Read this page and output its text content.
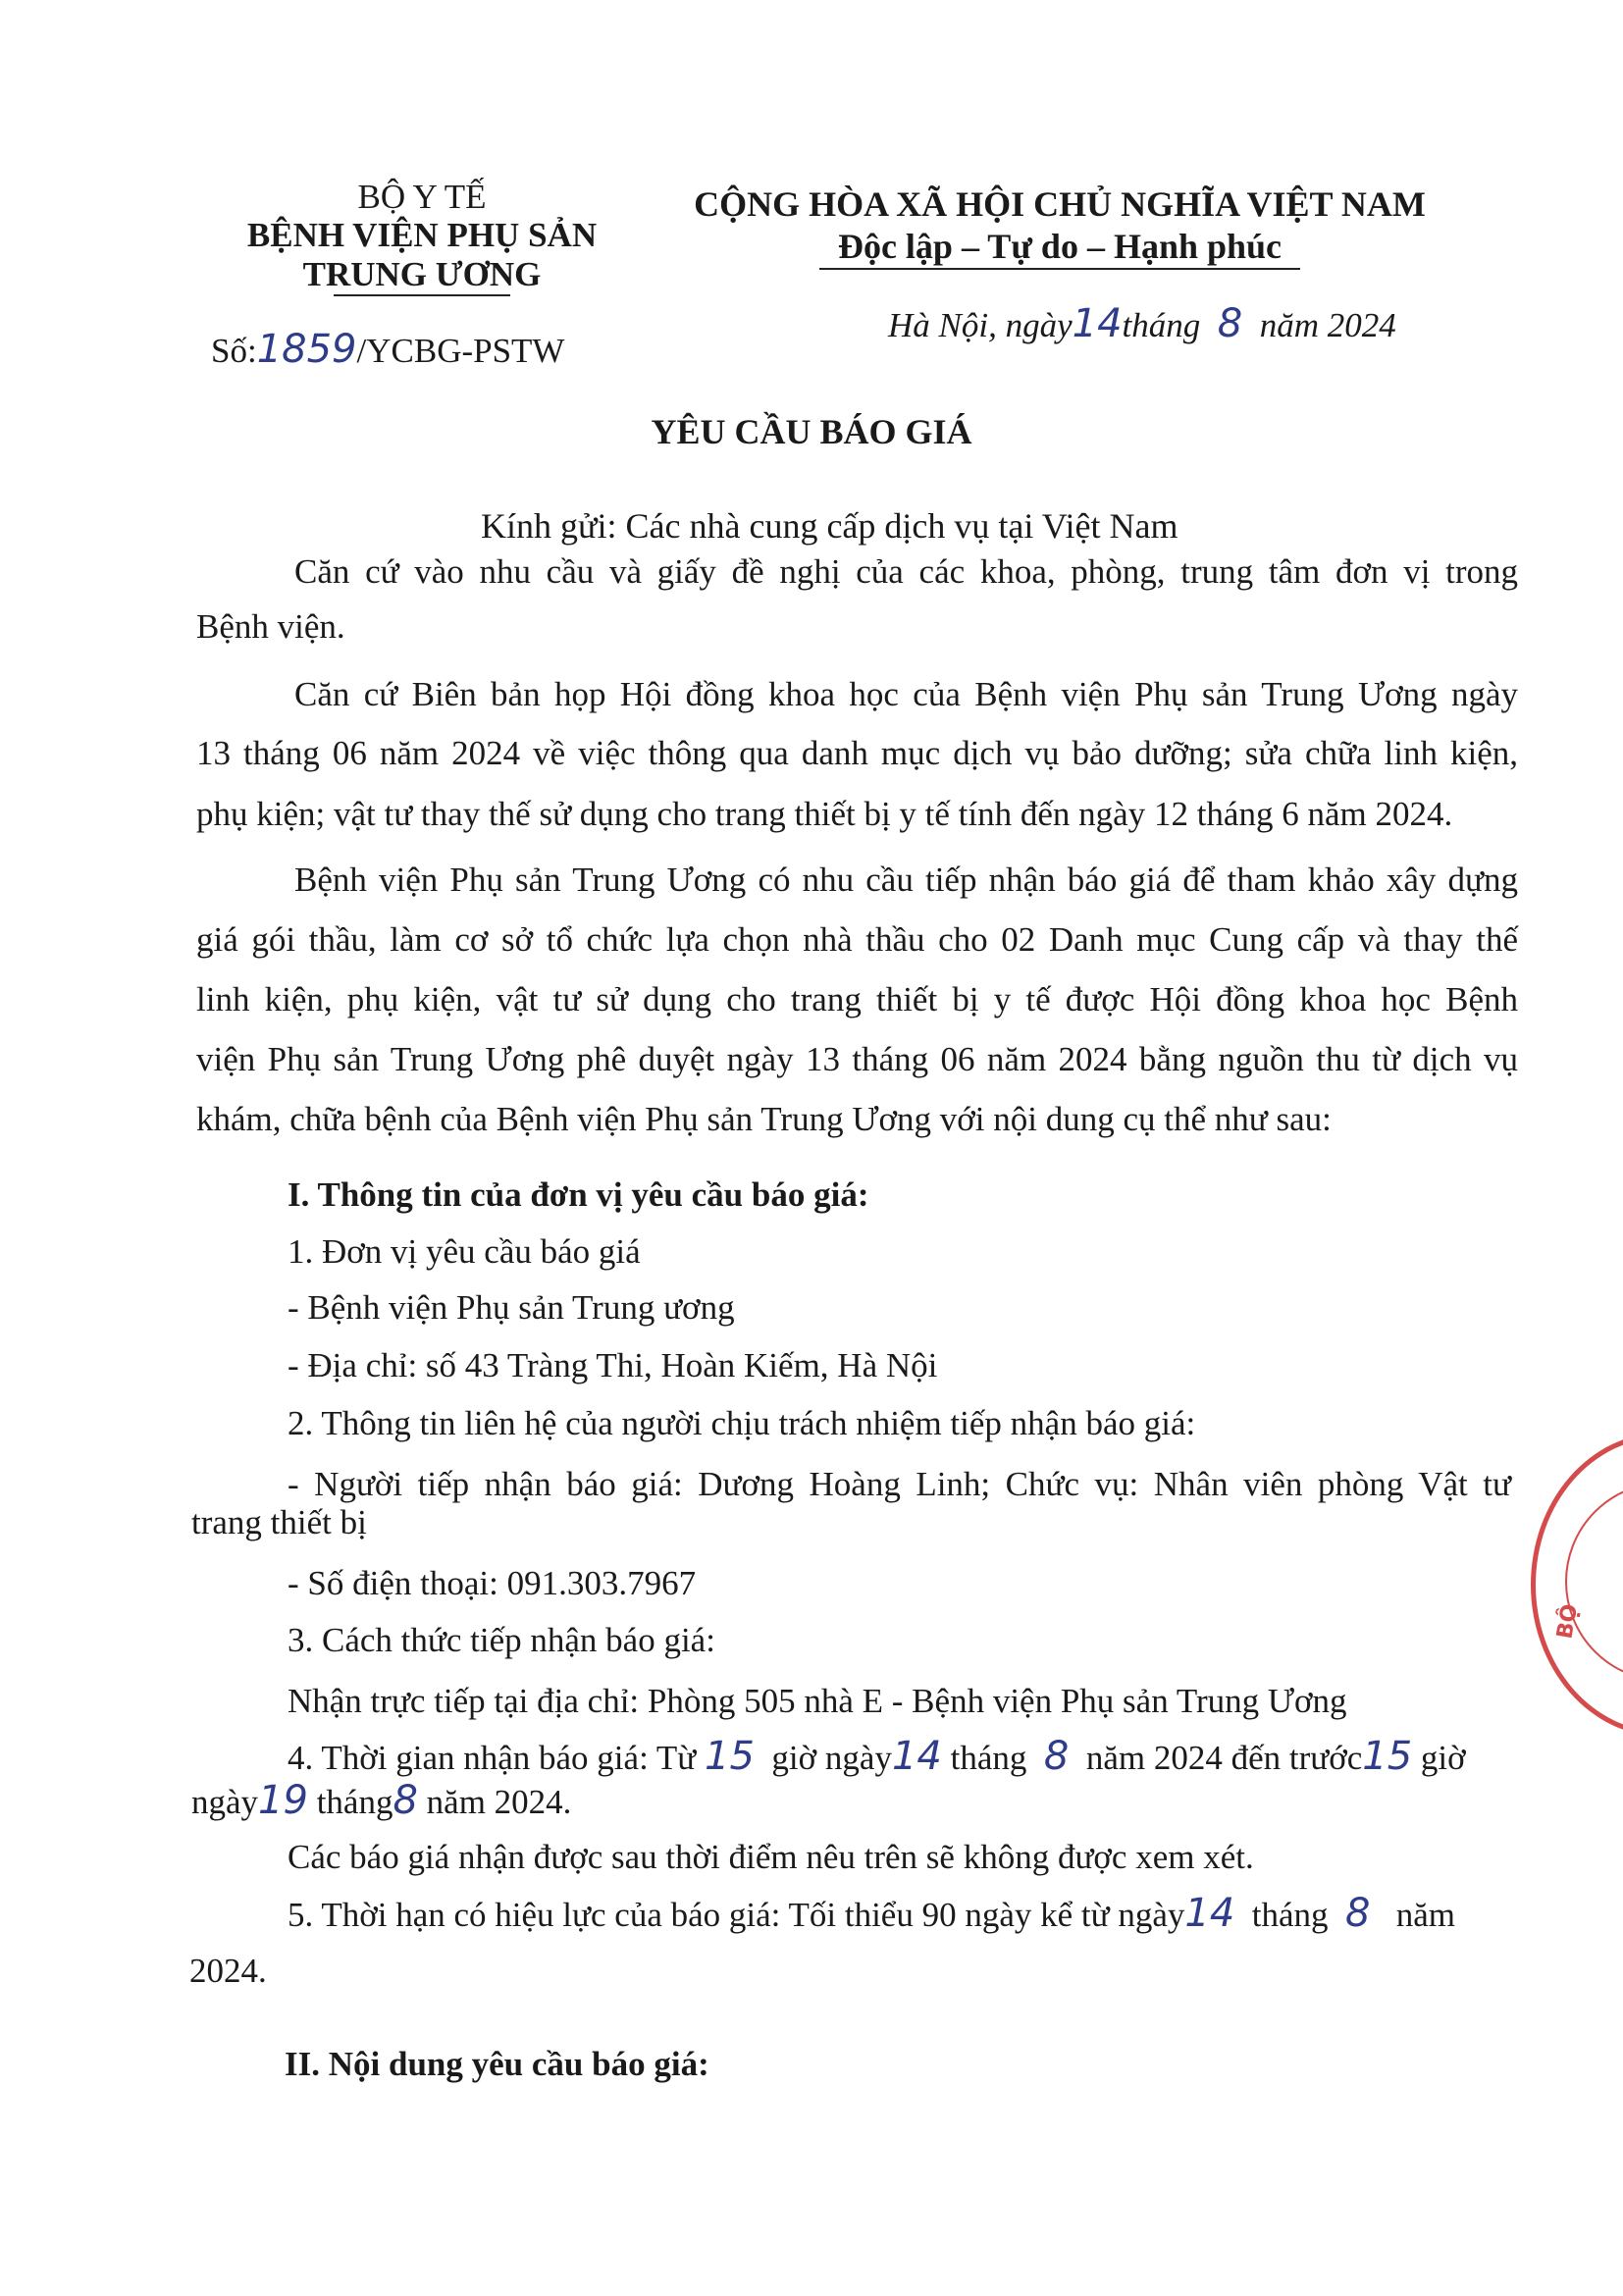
BỘ Y TẾ
BỆNH VIỆN PHỤ SẢN
TRUNG ƯƠNG
Số:1859/YCBG-PSTW
CỘNG HÒA XÃ HỘI CHỦ NGHĨA VIỆT NAM
Độc lập – Tự do – Hạnh phúc
Hà Nội, ngày14tháng 8 năm 2024
YÊU CẦU BÁO GIÁ
Kính gửi: Các nhà cung cấp dịch vụ tại Việt Nam
Căn cứ vào nhu cầu và giấy đề nghị của các khoa, phòng, trung tâm đơn vị trong
Bệnh viện.
Căn cứ Biên bản họp Hội đồng khoa học của Bệnh viện Phụ sản Trung Ương ngày
13 tháng 06 năm 2024 về việc thông qua danh mục dịch vụ bảo dưỡng; sửa chữa linh kiện,
phụ kiện; vật tư thay thế sử dụng cho trang thiết bị y tế tính đến ngày 12 tháng 6 năm 2024.
Bệnh viện Phụ sản Trung Ương có nhu cầu tiếp nhận báo giá để tham khảo xây dựng
giá gói thầu, làm cơ sở tổ chức lựa chọn nhà thầu cho 02 Danh mục Cung cấp và thay thế
linh kiện, phụ kiện, vật tư sử dụng cho trang thiết bị y tế được Hội đồng khoa học Bệnh
viện Phụ sản Trung Ương phê duyệt ngày 13 tháng 06 năm 2024 bằng nguồn thu từ dịch vụ
khám, chữa bệnh của Bệnh viện Phụ sản Trung Ương với nội dung cụ thể như sau:
I. Thông tin của đơn vị yêu cầu báo giá:
1. Đơn vị yêu cầu báo giá
- Bệnh viện Phụ sản Trung ương
- Địa chỉ: số 43 Tràng Thi, Hoàn Kiếm, Hà Nội
2. Thông tin liên hệ của người chịu trách nhiệm tiếp nhận báo giá:
- Người tiếp nhận báo giá: Dương Hoàng Linh; Chức vụ: Nhân viên phòng Vật tư
trang thiết bị
- Số điện thoại: 091.303.7967
3. Cách thức tiếp nhận báo giá:
Nhận trực tiếp tại địa chỉ: Phòng 505 nhà E - Bệnh viện Phụ sản Trung Ương
4. Thời gian nhận báo giá: Từ 15 giờ ngày14 tháng 8 năm 2024 đến trước15 giờ
ngày19 tháng8 năm 2024.
Các báo giá nhận được sau thời điểm nêu trên sẽ không được xem xét.
5. Thời hạn có hiệu lực của báo giá: Tối thiểu 90 ngày kể từ ngày14 tháng 8 năm
2024.
II. Nội dung yêu cầu báo giá:
BỘ
